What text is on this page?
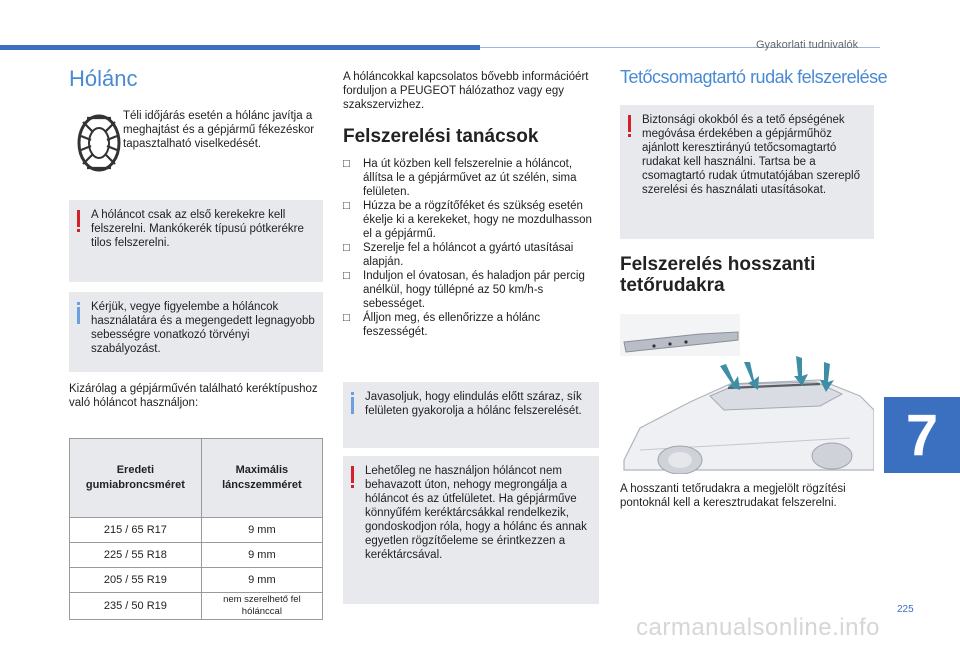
Gyakorlati tudnivalók
7
225
carmanualsonline.info
Hólánc
Téli időjárás esetén a hólánc javítja a meghajtást és a gépjármű fékezéskor tapasztalható viselkedését.
A hóláncot csak az első kerekekre kell felszerelni. Mankókerék típusú pótkerékre tilos felszerelni.
Kérjük, vegye figyelembe a hóláncok használatára és a megengedett legnagyobb sebességre vonatkozó törvényi szabályozást.
Kizárólag a gépjárművén található keréktípushoz való hóláncot használjon:
Eredeti gumiabroncsméret	Maximális láncszemméret
215 / 65 R17	9 mm
225 / 55 R18	9 mm
205 / 55 R19	9 mm
235 / 50 R19	nem szerelhető fel hólánccal
A hóláncokkal kapcsolatos bővebb információért forduljon a PEUGEOT hálózathoz vagy egy szakszervizhez.
Felszerelési tanácsok
□ Ha út közben kell felszerelnie a hóláncot, állítsa le a gépjárművet az út szélén, sima felületen.
□ Húzza be a rögzítőféket és szükség esetén ékelje ki a kerekeket, hogy ne mozdulhasson el a gépjármű.
□ Szerelje fel a hóláncot a gyártó utasításai alapján.
□ Induljon el óvatosan, és haladjon pár percig anélkül, hogy túllépné az 50 km/h-s sebességet.
□ Álljon meg, és ellenőrizze a hólánc feszességét.
Javasoljuk, hogy elindulás előtt száraz, sík felületen gyakorolja a hólánc felszerelését.
Lehetőleg ne használjon hóláncot nem behavazott úton, nehogy megrongálja a hóláncot és az útfelületet. Ha gépjárműve könnyűfém keréktárcsákkal rendelkezik, gondoskodjon róla, hogy a hólánc és annak egyetlen rögzítőeleme se érintkezzen a keréktárcsával.
Tetőcsomagtartó rudak felszerelése
Biztonsági okokból és a tető épségének megóvása érdekében a gépjárműhöz ajánlott keresztirányú tetőcsomagtartó rudakat kell használni. Tartsa be a csomagtartó rudak útmutatójában szereplő szerelési és használati utasításokat.
Felszerelés hosszanti tetőrudakra
A hosszanti tetőrudakra a megjelölt rögzítési pontoknál kell a keresztrudakat felszerelni.
